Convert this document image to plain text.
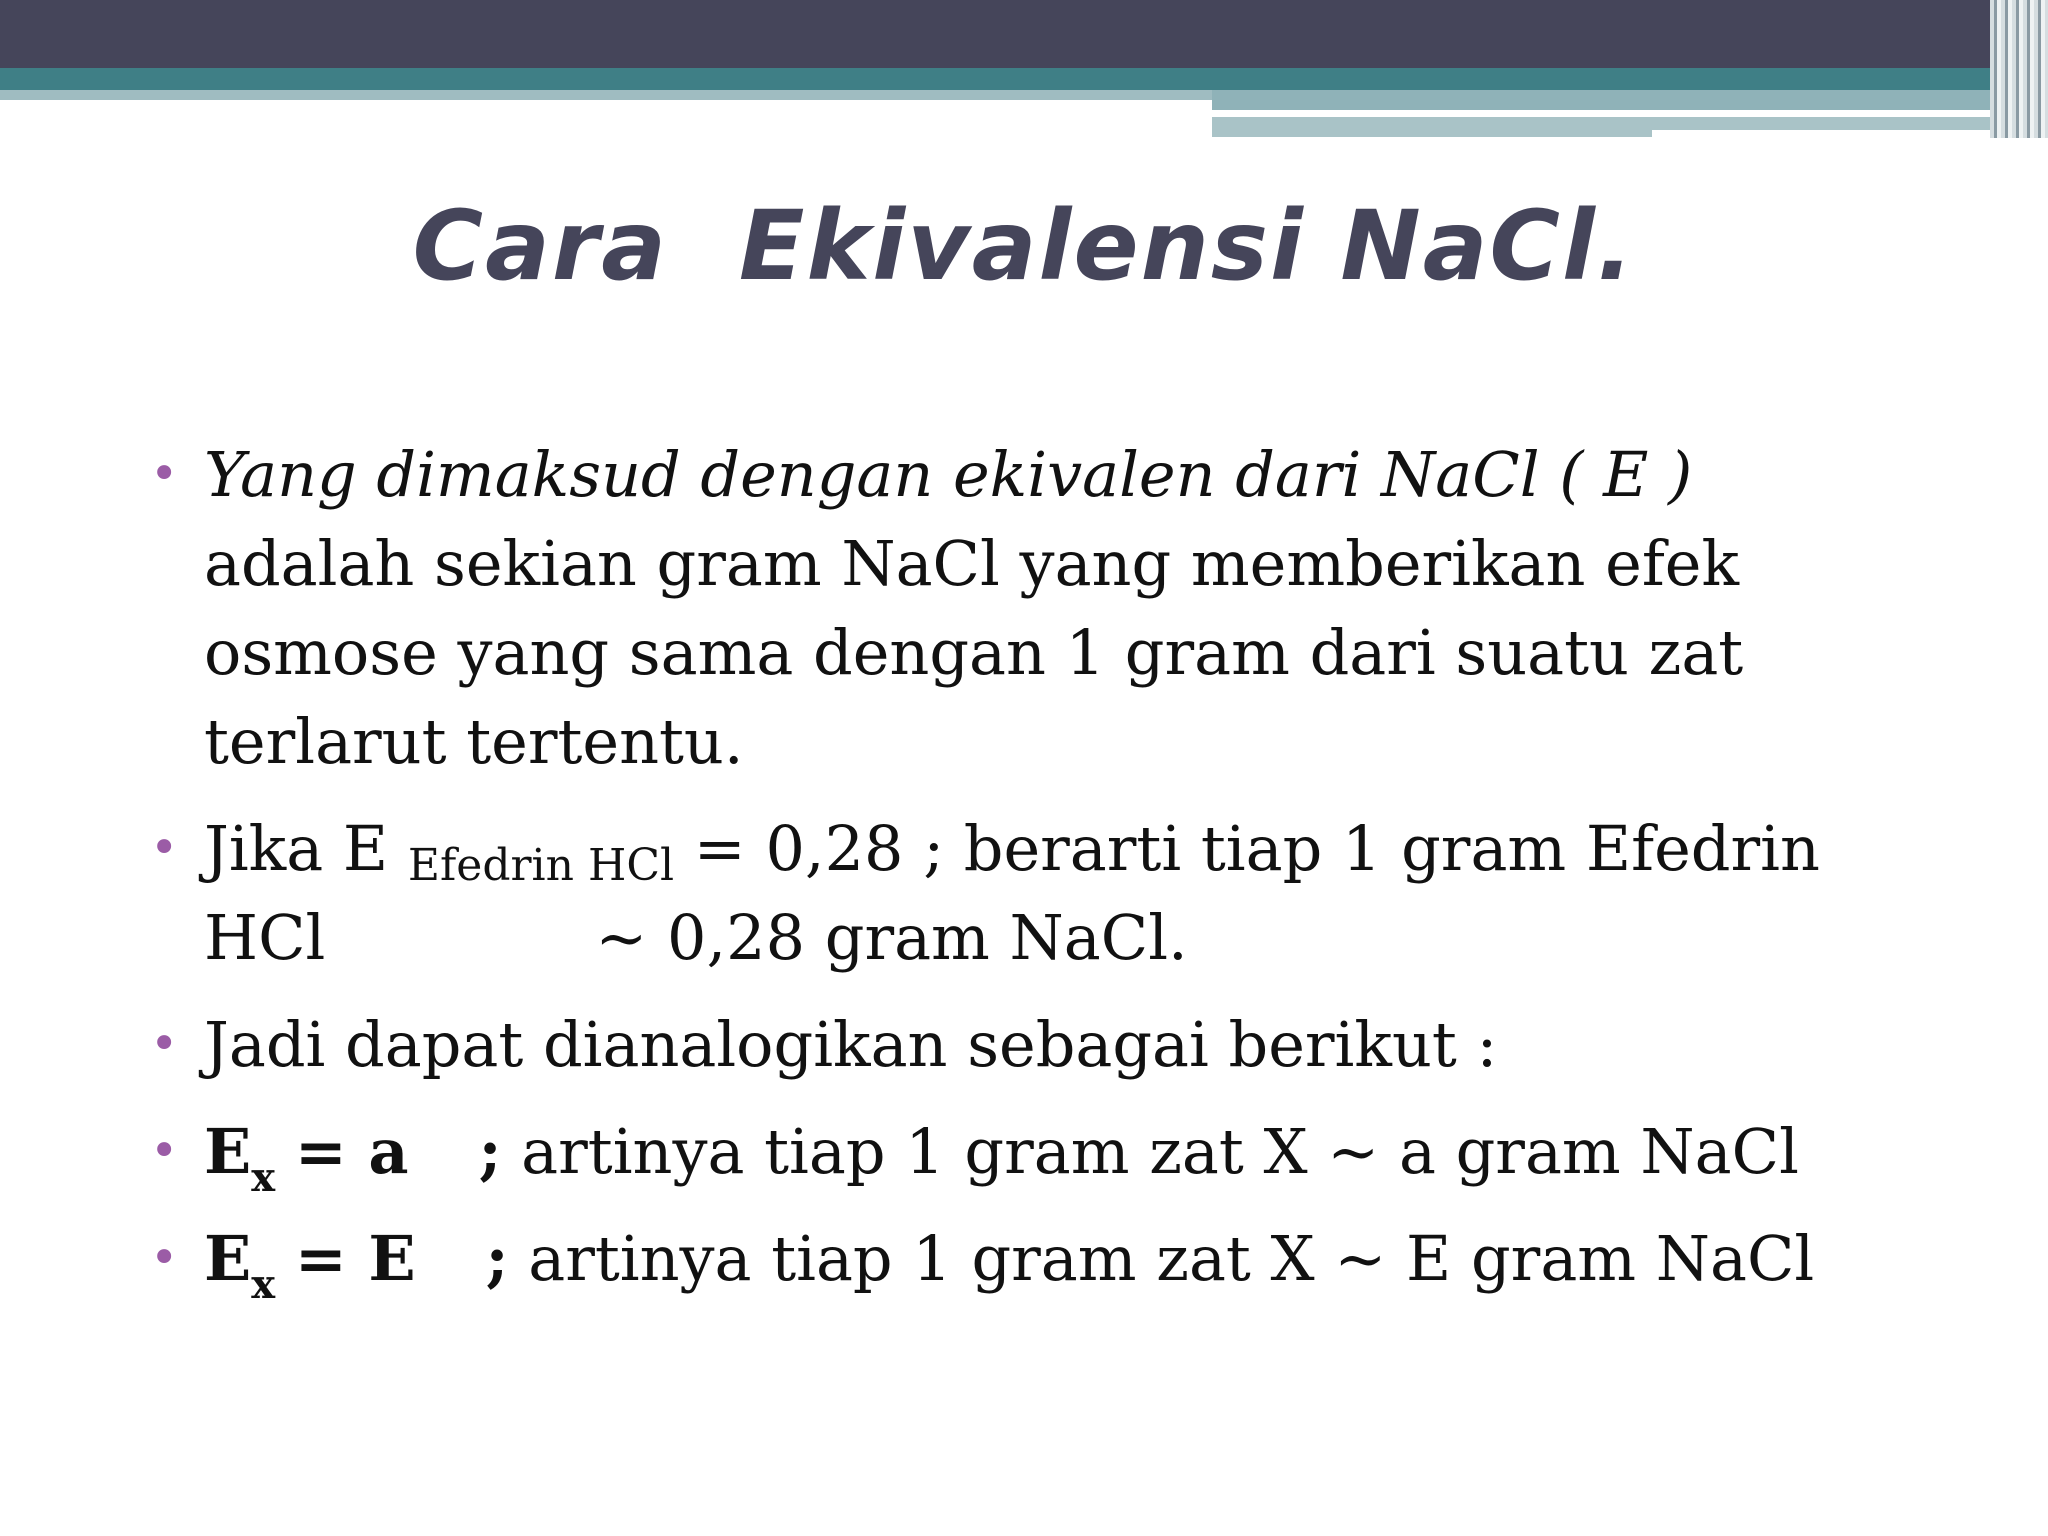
Cara  Ekivalensi NaCl.
• Yang dimaksud dengan ekivalen dari NaCl ( E )
adalah sekian gram NaCl yang memberikan efek
osmose yang sama dengan 1 gram dari suatu zat
terlarut tertentu.
• Jika E Efedrin HCl = 0,28 ; berarti tiap 1 gram Efedrin
HCl	~ 0,28 gram NaCl.
• Jadi dapat dianalogikan sebagai berikut :
• $E_x = a$ ; artinya tiap 1 gram zat X ~ a gram NaCl
• $E_x = E$ ; artinya tiap 1 gram zat X ~ E gram NaCl
